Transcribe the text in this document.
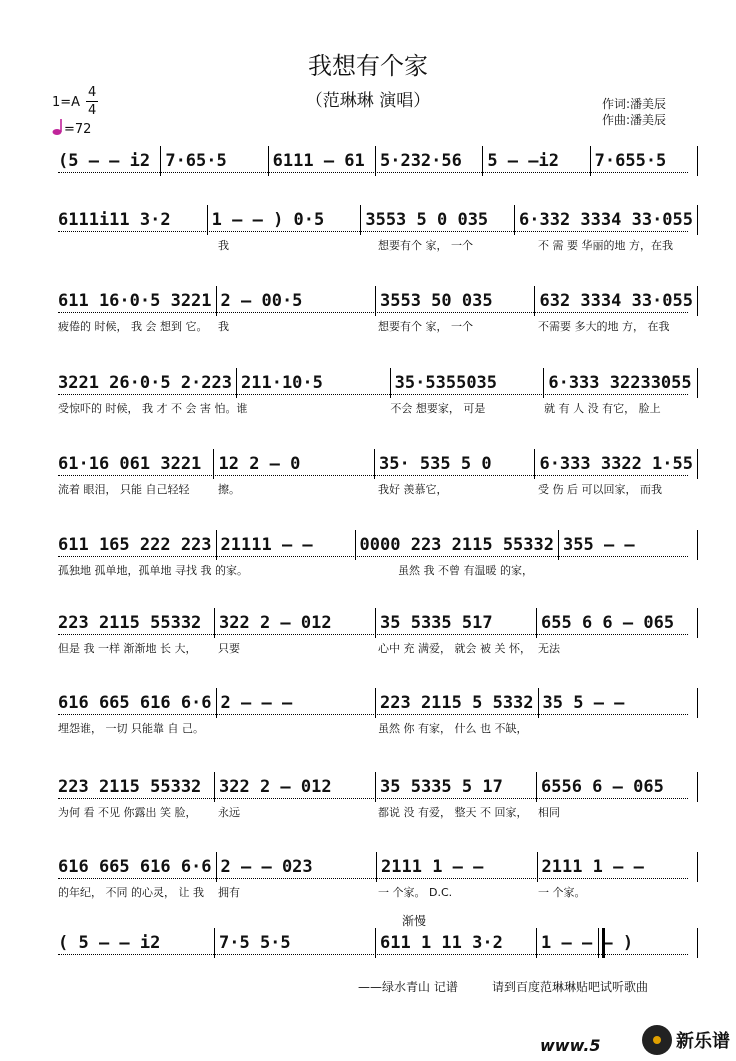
我想有个家
（范琳琳 演唱）	作词:潘美辰
作曲:潘美辰
1=A
4
4
=72
(5 — — i2 7·65·5	6111 — 61 5·232·56	5 — —i2	7·655·5
6111i11 3·2	1 — — ) 0·5	3553 5 0 035	6·332 3334 33·055
我	想要有个 家， 一个	不 需 要 华丽的地 方，在我
611 16·0·5 3221 2 — 00·5	3553 50 035	632 3334 33·055
疲倦的 时候， 我 会 想到 它。 我	想要有个 家， 一个	不需要 多大的地 方， 在我
3221 26·0·5 2·223 211·10·5	35·5355035	6·333 32233055
受惊吓的 时候， 我 才 不 会 害 怕。 谁	不会 想要家， 可是	就 有 人 没 有它， 脸上
61·16 061 3221	12 2 — 0	35· 535 5 0	6·333 3322 1·55
流着 眼泪， 只能 自己轻轻	擦。	我好 羡慕它，	受 伤 后 可以回家， 而我
611 165 222 223 21111 — —	0000 223 2115 55332 355 — —
孤独地 孤单地，孤单地 寻找 我 的家。	虽然 我 不曾 有温暖 的家，
223 2115 55332	322 2 — 012	35 5335 517	655 6 6 — 065
但是 我 一样 渐渐地 长 大，	只要	心中 充 满爱， 就会 被 关 怀， 无法
616 665 616 6·6 2 — — —	223 2115 5 5332 35 5 — —
埋怨谁， 一切 只能靠 自 己。	虽然 你 有家， 什么 也 不缺，
223 2115 55332	322 2 — 012	35 5335 5 17	6556 6 — 065
为何 看 不见 你露出 笑 脸，	永远	都说 没 有爱， 整天 不 回家， 相同
616 665 616 6·6 2 — — 023	2111 1 — —	2111 1 — —
的年纪， 不同 的心灵， 让 我	拥有	一 个家。 D.C.	一 个家。
渐慢
( 5 — — i2	7·5 5·5	611 1 11 3·2	1 — — — )
——绿水青山 记谱	请到百度范琳琳贴吧试听歌曲
www.5	新乐谱
